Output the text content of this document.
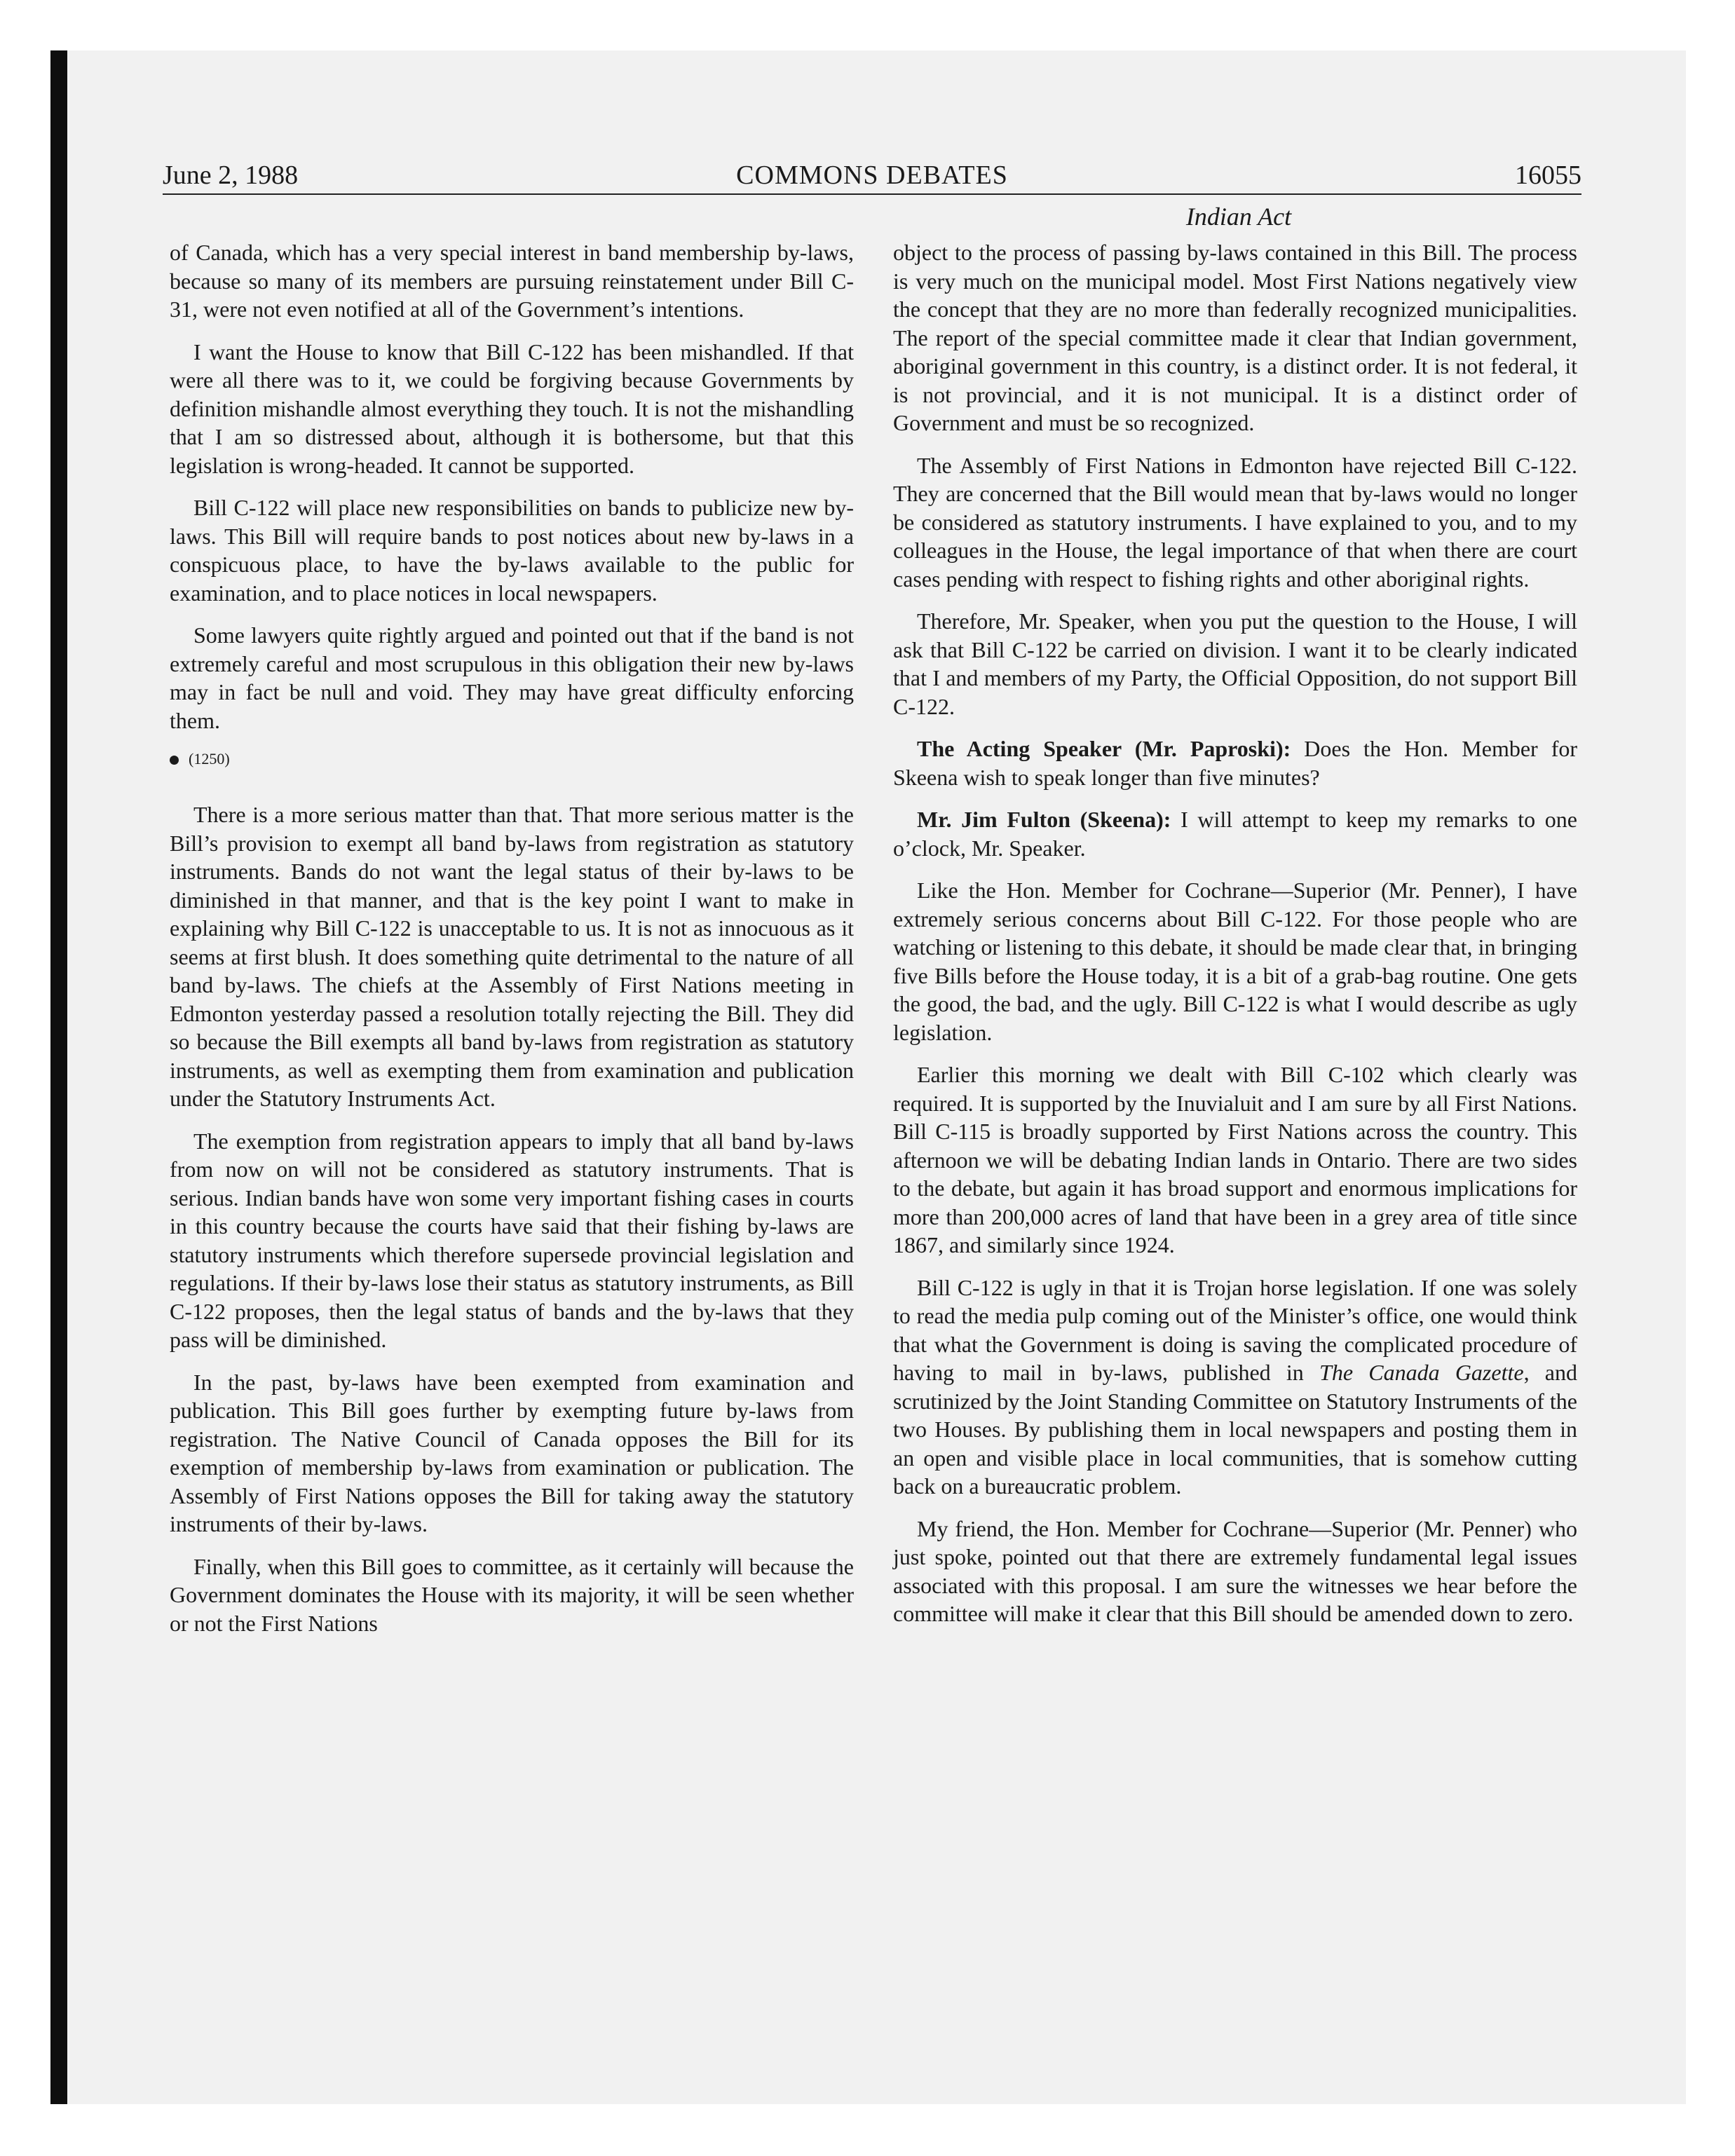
June 2, 1988	COMMONS DEBATES	16055
Indian Act

of Canada, which has a very special interest in band membership by-laws, because so many of its members are pursuing reinstatement under Bill C-31, were not even notified at all of the Government’s intentions.

I want the House to know that Bill C-122 has been mishandled. If that were all there was to it, we could be forgiving because Governments by definition mishandle almost everything they touch. It is not the mishandling that I am so distressed about, although it is bothersome, but that this legislation is wrong-headed. It cannot be supported.

Bill C-122 will place new responsibilities on bands to publicize new by-laws. This Bill will require bands to post notices about new by-laws in a conspicuous place, to have the by-laws available to the public for examination, and to place notices in local newspapers.

Some lawyers quite rightly argued and pointed out that if the band is not extremely careful and most scrupulous in this obligation their new by-laws may in fact be null and void. They may have great difficulty enforcing them.

(1250)

There is a more serious matter than that. That more serious matter is the Bill’s provision to exempt all band by-laws from registration as statutory instruments. Bands do not want the legal status of their by-laws to be diminished in that manner, and that is the key point I want to make in explaining why Bill C-122 is unacceptable to us. It is not as innocuous as it seems at first blush. It does something quite detrimental to the nature of all band by-laws. The chiefs at the Assembly of First Nations meeting in Edmonton yesterday passed a resolution totally rejecting the Bill. They did so because the Bill exempts all band by-laws from registration as statutory instruments, as well as exempting them from examination and publication under the Statutory Instruments Act.

The exemption from registration appears to imply that all band by-laws from now on will not be considered as statutory instruments. That is serious. Indian bands have won some very important fishing cases in courts in this country because the courts have said that their fishing by-laws are statutory instruments which therefore supersede provincial legislation and regulations. If their by-laws lose their status as statutory instruments, as Bill C-122 proposes, then the legal status of bands and the by-laws that they pass will be diminished.

In the past, by-laws have been exempted from examination and publication. This Bill goes further by exempting future by-laws from registration. The Native Council of Canada opposes the Bill for its exemption of membership by-laws from examination or publication. The Assembly of First Nations opposes the Bill for taking away the statutory instruments of their by-laws.

Finally, when this Bill goes to committee, as it certainly will because the Government dominates the House with its majority, it will be seen whether or not the First Nations

object to the process of passing by-laws contained in this Bill. The process is very much on the municipal model. Most First Nations negatively view the concept that they are no more than federally recognized municipalities. The report of the special committee made it clear that Indian government, aboriginal government in this country, is a distinct order. It is not federal, it is not provincial, and it is not municipal. It is a distinct order of Government and must be so recognized.

The Assembly of First Nations in Edmonton have rejected Bill C-122. They are concerned that the Bill would mean that by-laws would no longer be considered as statutory instruments. I have explained to you, and to my colleagues in the House, the legal importance of that when there are court cases pending with respect to fishing rights and other aboriginal rights.

Therefore, Mr. Speaker, when you put the question to the House, I will ask that Bill C-122 be carried on division. I want it to be clearly indicated that I and members of my Party, the Official Opposition, do not support Bill C-122.

The Acting Speaker (Mr. Paproski): Does the Hon. Member for Skeena wish to speak longer than five minutes?

Mr. Jim Fulton (Skeena): I will attempt to keep my remarks to one o’clock, Mr. Speaker.

Like the Hon. Member for Cochrane—Superior (Mr. Penner), I have extremely serious concerns about Bill C-122. For those people who are watching or listening to this debate, it should be made clear that, in bringing five Bills before the House today, it is a bit of a grab-bag routine. One gets the good, the bad, and the ugly. Bill C-122 is what I would describe as ugly legislation.

Earlier this morning we dealt with Bill C-102 which clearly was required. It is supported by the Inuvialuit and I am sure by all First Nations. Bill C-115 is broadly supported by First Nations across the country. This afternoon we will be debating Indian lands in Ontario. There are two sides to the debate, but again it has broad support and enormous implications for more than 200,000 acres of land that have been in a grey area of title since 1867, and similarly since 1924.

Bill C-122 is ugly in that it is Trojan horse legislation. If one was solely to read the media pulp coming out of the Minister’s office, one would think that what the Government is doing is saving the complicated procedure of having to mail in by-laws, published in The Canada Gazette, and scrutinized by the Joint Standing Committee on Statutory Instruments of the two Houses. By publishing them in local newspapers and posting them in an open and visible place in local communities, that is somehow cutting back on a bureaucratic problem.

My friend, the Hon. Member for Cochrane—Superior (Mr. Penner) who just spoke, pointed out that there are extremely fundamental legal issues associated with this proposal. I am sure the witnesses we hear before the committee will make it clear that this Bill should be amended down to zero.
